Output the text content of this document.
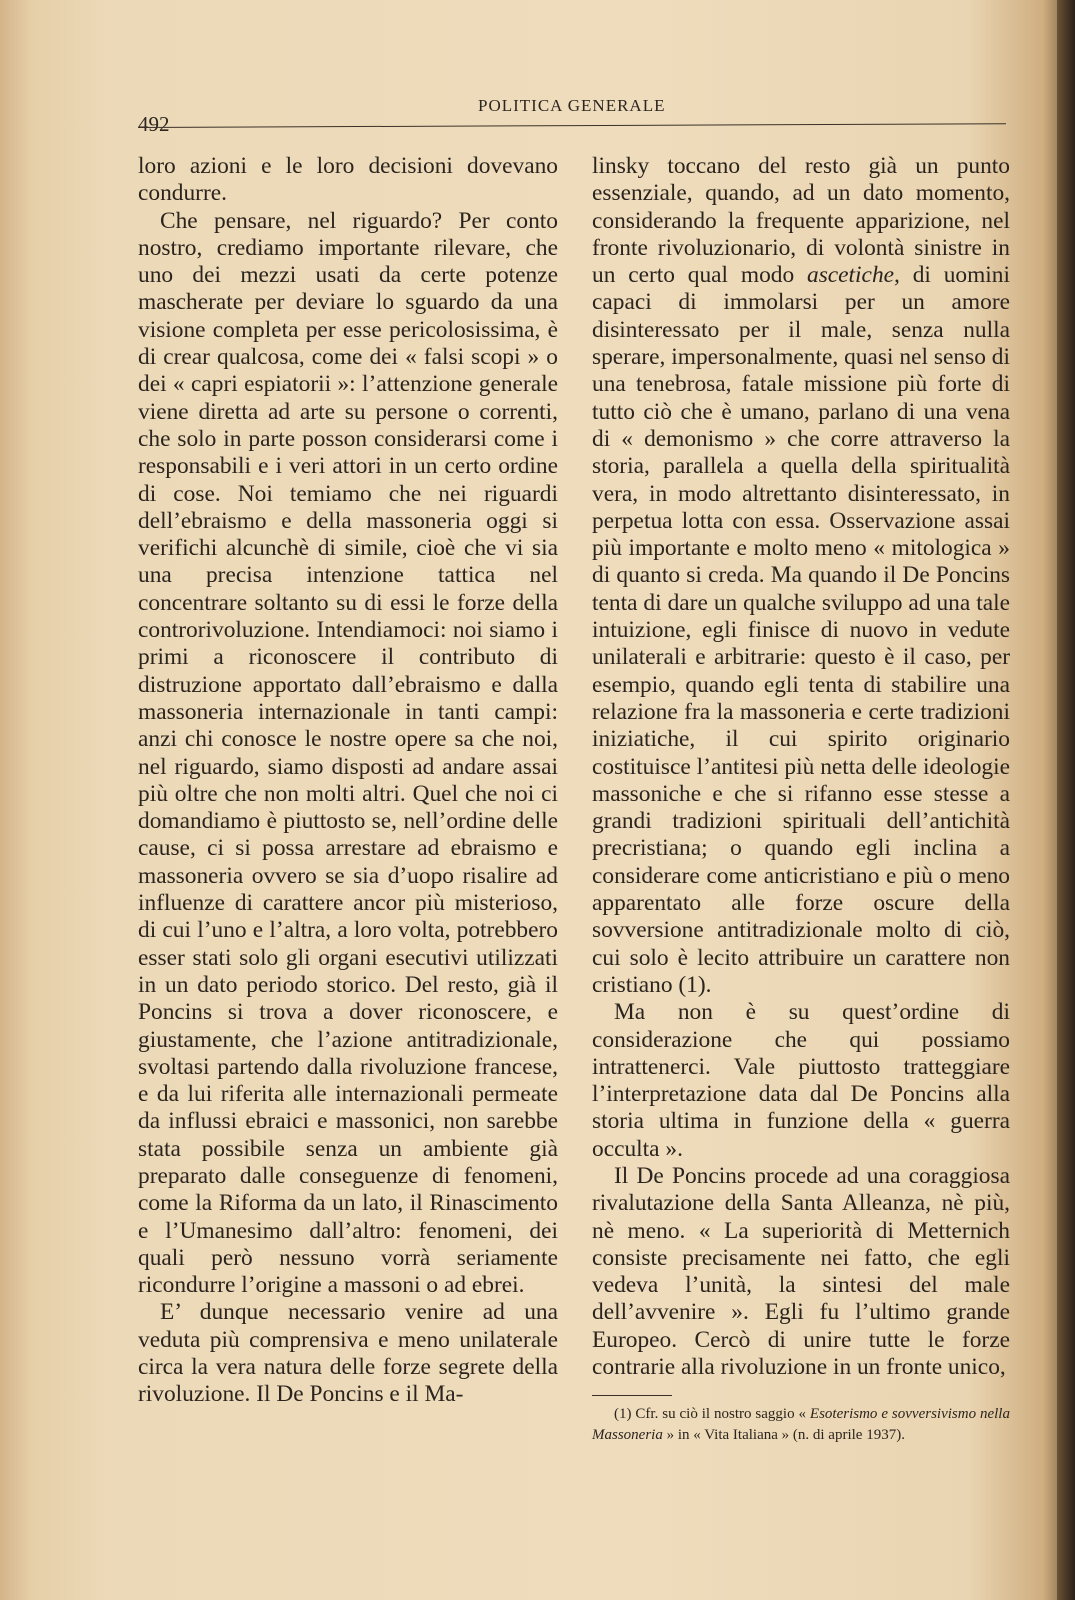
492
POLITICA GENERALE

loro azioni e le loro decisioni dovevano condurre.

Che pensare, nel riguardo? Per conto nostro, crediamo importante rilevare, che uno dei mezzi usati da certe potenze mascherate per deviare lo sguardo da una visione completa per esse pericolosissima, è di crear qualcosa, come dei « falsi scopi » o dei « capri espiatorii »: l’attenzione generale viene diretta ad arte su persone o correnti, che solo in parte posson considerarsi come i responsabili e i veri attori in un certo ordine di cose. Noi temiamo che nei riguardi dell’ebraismo e della massoneria oggi si verifichi alcunchè di simile, cioè che vi sia una precisa intenzione tattica nel concentrare soltanto su di essi le forze della controrivoluzione. Intendiamoci: noi siamo i primi a riconoscere il contributo di distruzione apportato dall’ebraismo e dalla massoneria internazionale in tanti campi: anzi chi conosce le nostre opere sa che noi, nel riguardo, siamo disposti ad andare assai più oltre che non molti altri. Quel che noi ci domandiamo è piuttosto se, nell’ordine delle cause, ci si possa arrestare ad ebraismo e massoneria ovvero se sia d’uopo risalire ad influenze di carattere ancor più misterioso, di cui l’uno e l’altra, a loro volta, potrebbero esser stati solo gli organi esecutivi utilizzati in un dato periodo storico. Del resto, già il Poncins si trova a dover riconoscere, e giustamente, che l’azione antitradizionale, svoltasi partendo dalla rivoluzione francese, e da lui riferita alle internazionali permeate da influssi ebraici e massonici, non sarebbe stata possibile senza un ambiente già preparato dalle conseguenze di fenomeni, come la Riforma da un lato, il Rinascimento e l’Umanesimo dall’altro: fenomeni, dei quali però nessuno vorrà seriamente ricondurre l’origine a massoni o ad ebrei.

E’ dunque necessario venire ad una veduta più comprensiva e meno unilaterale circa la vera natura delle forze segrete della rivoluzione. Il De Poncins e il Ma-

linsky toccano del resto già un punto essenziale, quando, ad un dato momento, considerando la frequente apparizione, nel fronte rivoluzionario, di volontà sinistre in un certo qual modo ascetiche, di uomini capaci di immolarsi per un amore disinteressato per il male, senza nulla sperare, impersonalmente, quasi nel senso di una tenebrosa, fatale missione più forte di tutto ciò che è umano, parlano di una vena di « demonismo » che corre attraverso la storia, parallela a quella della spiritualità vera, in modo altrettanto disinteressato, in perpetua lotta con essa. Osservazione assai più importante e molto meno « mitologica » di quanto si creda. Ma quando il De Poncins tenta di dare un qualche sviluppo ad una tale intuizione, egli finisce di nuovo in vedute unilaterali e arbitrarie: questo è il caso, per esempio, quando egli tenta di stabilire una relazione fra la massoneria e certe tradizioni iniziatiche, il cui spirito originario costituisce l’antitesi più netta delle ideologie massoniche e che si rifanno esse stesse a grandi tradizioni spirituali dell’antichità precristiana; o quando egli inclina a considerare come anticristiano e più o meno apparentato alle forze oscure della sovversione antitradizionale molto di ciò, cui solo è lecito attribuire un carattere non cristiano (1).

Ma non è su quest’ordine di considerazione che qui possiamo intrattenerci. Vale piuttosto tratteggiare l’interpretazione data dal De Poncins alla storia ultima in funzione della « guerra occulta ».

Il De Poncins procede ad una coraggiosa rivalutazione della Santa Alleanza, nè più, nè meno. « La superiorità di Metternich consiste precisamente nei fatto, che egli vedeva l’unità, la sintesi del male dell’avvenire ». Egli fu l’ultimo grande Europeo. Cercò di unire tutte le forze contrarie alla rivoluzione in un fronte unico,

(1) Cfr. su ciò il nostro saggio « Esoterismo e sovversivismo nella Massoneria » in « Vita Italiana » (n. di aprile 1937).
